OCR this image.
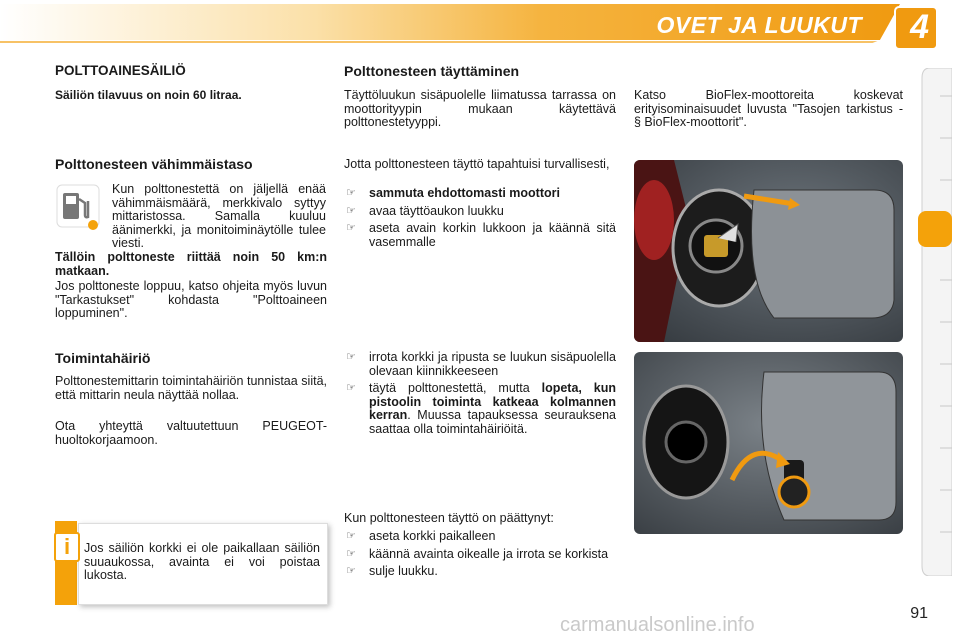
OVET JA LUUKUT 4
POLTTOAINESÄILIÖ

Säiliön tilavuus on noin 60 litraa.

Polttonesteen vähimmäistaso

Kun polttonestettä on jäljellä enää vähimmäismäärä, merkkivalo syttyy mittaristossa. Samalla kuuluu äänimerkki, ja monitoiminäytölle tulee viesti.

Tällöin polttoneste riittää noin 50 km:n matkaan.

Jos polttoneste loppuu, katso ohjeita myös luvun "Tarkastukset" kohdasta "Polttoaineen loppuminen".

Toimintahäiriö

Polttonestemittarin toimintahäiriön tunnistaa siitä, että mittarin neula näyttää nollaa.

Ota yhteyttä valtuutettuun PEUGEOT-huoltokorjaamoon.

i	Jos säiliön korkki ei ole paikallaan säiliön suuaukossa, avainta ei voi poistaa lukosta.

Polttonesteen täyttäminen

Täyttöluukun sisäpuolelle liimatussa tarrassa on moottorityypin mukaan käytettävä polttonestetyyppi.

Jotta polttonesteen täyttö tapahtuisi turvallisesti,

☞ sammuta ehdottomasti moottori
☞ avaa täyttöaukon luukku
☞ aseta avain korkin lukkoon ja käännä sitä vasemmalle
☞ irrota korkki ja ripusta se luukun sisäpuolella olevaan kiinnikkeeseen
☞ täytä polttonestettä, mutta lopeta, kun pistoolin toiminta katkeaa kolmannen kerran. Muussa tapauksessa seurauksena saattaa olla toimintahäiriöitä.

Kun polttonesteen täyttö on päättynyt:

☞ aseta korkki paikalleen
☞ käännä avainta oikealle ja irrota se korkista
☞ sulje luukku.

Katso BioFlex-moottoreita koskevat erityisominaisuudet luvusta "Tasojen tarkistus - § BioFlex-moottorit".

91
carmanualsonline.info
